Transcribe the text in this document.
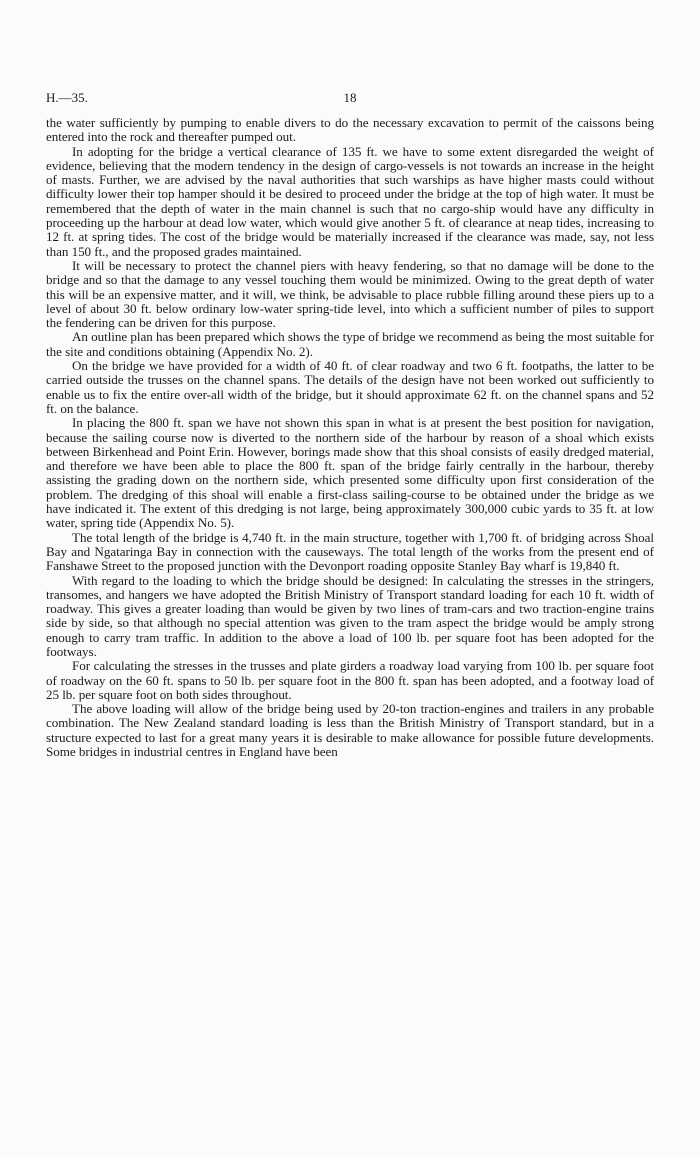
H.—35.	18

the water sufficiently by pumping to enable divers to do the necessary excavation to permit of the caissons being entered into the rock and thereafter pumped out.

In adopting for the bridge a vertical clearance of 135 ft. we have to some extent disregarded the weight of evidence, believing that the modern tendency in the design of cargo-vessels is not towards an increase in the height of masts. Further, we are advised by the naval authorities that such warships as have higher masts could without difficulty lower their top hamper should it be desired to proceed under the bridge at the top of high water. It must be remembered that the depth of water in the main channel is such that no cargo-ship would have any difficulty in proceeding up the harbour at dead low water, which would give another 5 ft. of clearance at neap tides, increasing to 12 ft. at spring tides. The cost of the bridge would be materially increased if the clearance was made, say, not less than 150 ft., and the proposed grades maintained.

It will be necessary to protect the channel piers with heavy fendering, so that no damage will be done to the bridge and so that the damage to any vessel touching them would be minimized. Owing to the great depth of water this will be an expensive matter, and it will, we think, be advisable to place rubble filling around these piers up to a level of about 30 ft. below ordinary low-water spring-tide level, into which a sufficient number of piles to support the fendering can be driven for this purpose.

An outline plan has been prepared which shows the type of bridge we recommend as being the most suitable for the site and conditions obtaining (Appendix No. 2).

On the bridge we have provided for a width of 40 ft. of clear roadway and two 6 ft. footpaths, the latter to be carried outside the trusses on the channel spans. The details of the design have not been worked out sufficiently to enable us to fix the entire over-all width of the bridge, but it should approximate 62 ft. on the channel spans and 52 ft. on the balance.

In placing the 800 ft. span we have not shown this span in what is at present the best position for navigation, because the sailing course now is diverted to the northern side of the harbour by reason of a shoal which exists between Birkenhead and Point Erin. However, borings made show that this shoal consists of easily dredged material, and therefore we have been able to place the 800 ft. span of the bridge fairly centrally in the harbour, thereby assisting the grading down on the northern side, which presented some difficulty upon first consideration of the problem. The dredging of this shoal will enable a first-class sailing-course to be obtained under the bridge as we have indicated it. The extent of this dredging is not large, being approximately 300,000 cubic yards to 35 ft. at low water, spring tide (Appendix No. 5).

The total length of the bridge is 4,740 ft. in the main structure, together with 1,700 ft. of bridging across Shoal Bay and Ngataringa Bay in connection with the causeways. The total length of the works from the present end of Fanshawe Street to the proposed junction with the Devonport roading opposite Stanley Bay wharf is 19,840 ft.

With regard to the loading to which the bridge should be designed: In calculating the stresses in the stringers, transomes, and hangers we have adopted the British Ministry of Transport standard loading for each 10 ft. width of roadway. This gives a greater loading than would be given by two lines of tram-cars and two traction-engine trains side by side, so that although no special attention was given to the tram aspect the bridge would be amply strong enough to carry tram traffic. In addition to the above a load of 100 lb. per square foot has been adopted for the footways.

For calculating the stresses in the trusses and plate girders a roadway load varying from 100 lb. per square foot of roadway on the 60 ft. spans to 50 lb. per square foot in the 800 ft. span has been adopted, and a footway load of 25 lb. per square foot on both sides throughout.

The above loading will allow of the bridge being used by 20-ton traction-engines and trailers in any probable combination. The New Zealand standard loading is less than the British Ministry of Transport standard, but in a structure expected to last for a great many years it is desirable to make allowance for possible future developments. Some bridges in industrial centres in England have been
